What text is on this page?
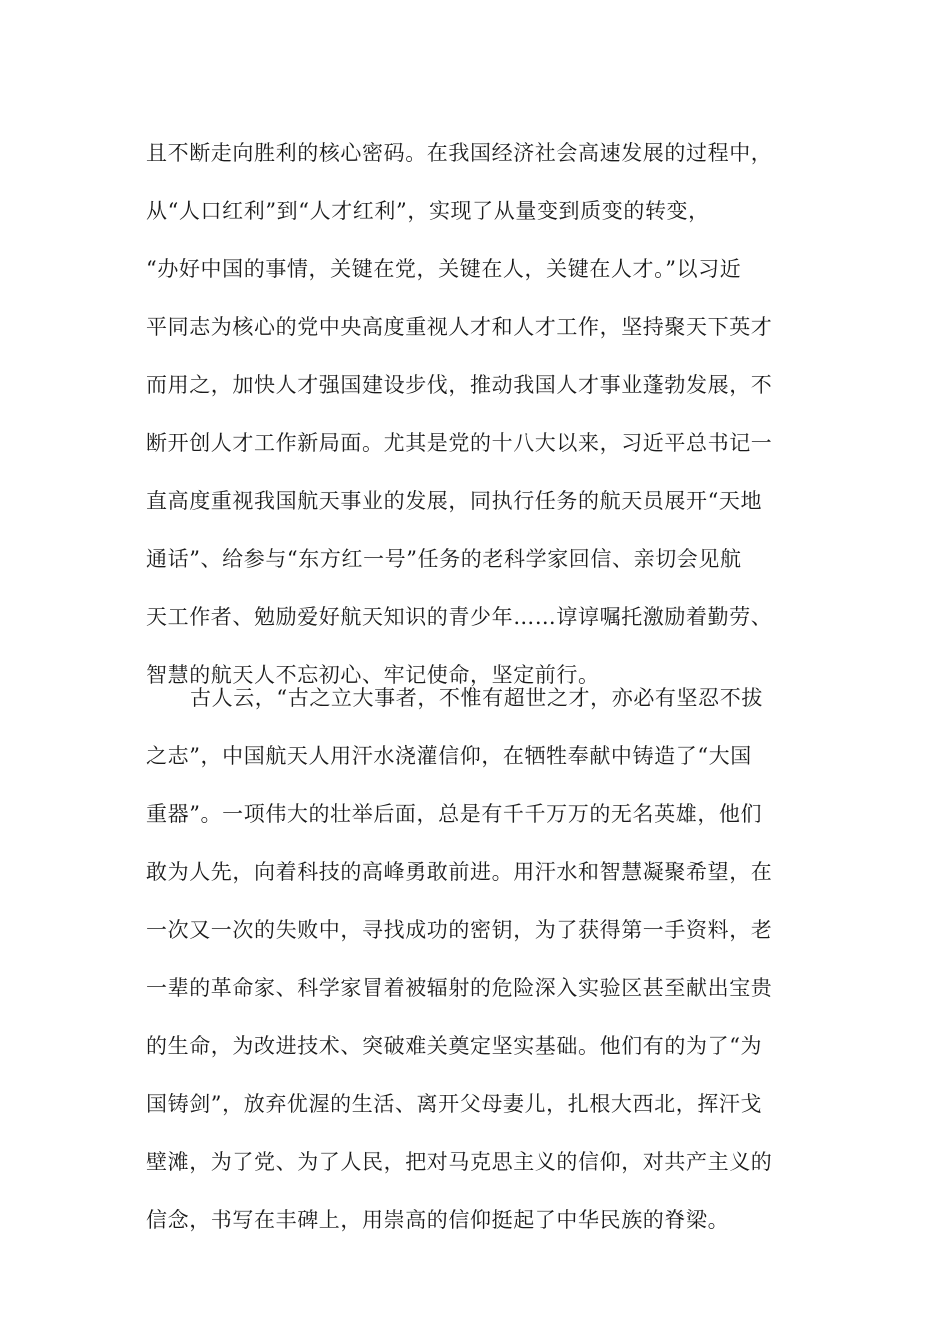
且不断走向胜利的核心密码。在我国经济社会高速发展的过程中，
从“人口红利”到“人才红利”，实现了从量变到质变的转变，
“办好中国的事情，关键在党，关键在人，关键在人才。”以习近
平同志为核心的党中央高度重视人才和人才工作，坚持聚天下英才
而用之，加快人才强国建设步伐，推动我国人才事业蓬勃发展，不
断开创人才工作新局面。尤其是党的十八大以来，习近平总书记一
直高度重视我国航天事业的发展，同执行任务的航天员展开“天地
通话”、给参与“东方红一号”任务的老科学家回信、亲切会见航
天工作者、勉励爱好航天知识的青少年……谆谆嘱托激励着勤劳、
智慧的航天人不忘初心、牢记使命，坚定前行。
古人云，“古之立大事者，不惟有超世之才，亦必有坚忍不拔
之志”，中国航天人用汗水浇灌信仰，在牺牲奉献中铸造了“大国
重器”。一项伟大的壮举后面，总是有千千万万的无名英雄，他们
敢为人先，向着科技的高峰勇敢前进。用汗水和智慧凝聚希望，在
一次又一次的失败中，寻找成功的密钥，为了获得第一手资料，老
一辈的革命家、科学家冒着被辐射的危险深入实验区甚至献出宝贵
的生命，为改进技术、突破难关奠定坚实基础。他们有的为了“为
国铸剑”，放弃优渥的生活、离开父母妻儿，扎根大西北，挥汗戈
壁滩，为了党、为了人民，把对马克思主义的信仰，对共产主义的
信念，书写在丰碑上，用崇高的信仰挺起了中华民族的脊梁。
